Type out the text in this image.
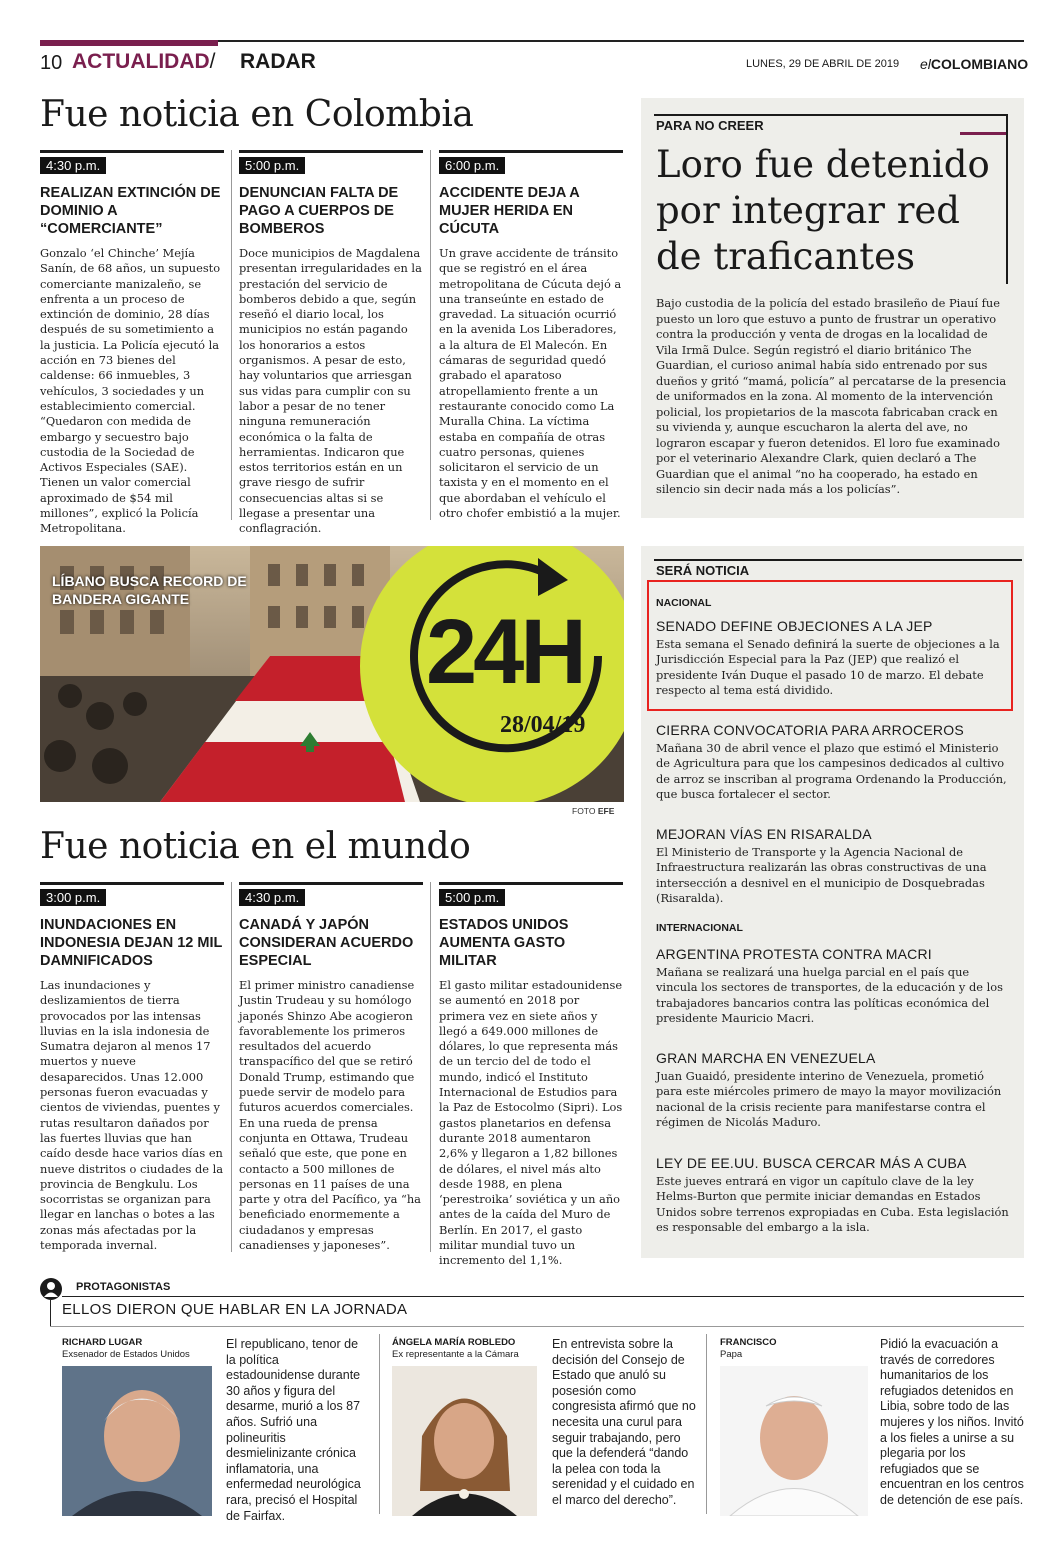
10 ACTUALIDAD/ RADAR	LUNES, 29 DE ABRIL DE 2019 elCOLOMBIANO
Fue noticia en Colombia
4:30 p.m.
REALIZAN EXTINCIÓN DE DOMINIO A “COMERCIANTE”

Gonzalo ‘el Chinche’ Mejía Sanín, de 68 años, un supuesto comerciante manizaleño, se enfrenta a un proceso de extinción de dominio, 28 días después de su sometimiento a la justicia. La Policía ejecutó la acción en 73 bienes del caldense: 66 inmuebles, 3 vehículos, 3 sociedades y un establecimiento comercial. “Quedaron con medida de embargo y secuestro bajo custodia de la Sociedad de Activos Especiales (SAE). Tienen un valor comercial aproximado de $54 mil millones”, explicó la Policía Metropolitana.

5:00 p.m.
DENUNCIAN FALTA DE PAGO A CUERPOS DE BOMBEROS

Doce municipios de Magdalena presentan irregularidades en la prestación del servicio de bomberos debido a que, según reseñó el diario local, los municipios no están pagando los honorarios a estos organismos. A pesar de esto, hay voluntarios que arriesgan sus vidas para cumplir con su labor a pesar de no tener ninguna remuneración económica o la falta de herramientas. Indicaron que estos territorios están en un grave riesgo de sufrir consecuencias altas si se llegase a presentar una conflagración.

6:00 p.m.
ACCIDENTE DEJA A MUJER HERIDA EN CÚCUTA

Un grave accidente de tránsito que se registró en el área metropolitana de Cúcuta dejó a una transeúnte en estado de gravedad. La situación ocurrió en la avenida Los Liberadores, a la altura de El Malecón. En cámaras de seguridad quedó grabado el aparatoso atropellamiento frente a un restaurante conocido como La Muralla China. La víctima estaba en compañía de otras cuatro personas, quienes solicitaron el servicio de un taxista y en el momento en el que abordaban el vehículo el otro chofer embistió a la mujer.

PARA NO CREER
Loro fue detenido por integrar red de traficantes
Bajo custodia de la policía del estado brasileño de Piauí fue puesto un loro que estuvo a punto de frustrar un operativo contra la producción y venta de drogas en la localidad de Vila Irmã Dulce. Según registró el diario británico The Guardian, el curioso animal había sido entrenado por sus dueños y gritó “mamá, policía” al percatarse de la presencia de uniformados en la zona. Al momento de la intervención policial, los propietarios de la mascota fabricaban crack en su vivienda y, aunque escucharon la alerta del ave, no lograron escapar y fueron detenidos. El loro fue examinado por el veterinario Alexandre Clark, quien declaró a The Guardian que el animal “no ha cooperado, ha estado en silencio sin decir nada más a los policías”.
LÍBANO BUSCA RECORD DE BANDERA GIGANTE
24H
28/04/19
FOTO EFE
Fue noticia en el mundo
3:00 p.m.
INUNDACIONES EN INDONESIA DEJAN 12 MIL DAMNIFICADOS

Las inundaciones y deslizamientos de tierra provocados por las intensas lluvias en la isla indonesia de Sumatra dejaron al menos 17 muertos y nueve desaparecidos. Unas 12.000 personas fueron evacuadas y cientos de viviendas, puentes y rutas resultaron dañados por las fuertes lluvias que han caído desde hace varios días en nueve distritos o ciudades de la provincia de Bengkulu. Los socorristas se organizan para llegar en lanchas o botes a las zonas más afectadas por la temporada invernal.

4:30 p.m.
CANADÁ Y JAPÓN CONSIDERAN ACUERDO ESPECIAL

El primer ministro canadiense Justin Trudeau y su homólogo japonés Shinzo Abe acogieron favorablemente los primeros resultados del acuerdo transpacífico del que se retiró Donald Trump, estimando que puede servir de modelo para futuros acuerdos comerciales. En una rueda de prensa conjunta en Ottawa, Trudeau señaló que este, que pone en contacto a 500 millones de personas en 11 países de una parte y otra del Pacífico, ya “ha beneficiado enormemente a ciudadanos y empresas canadienses y japoneses”.

5:00 p.m.
ESTADOS UNIDOS AUMENTA GASTO MILITAR

El gasto militar estadounidense se aumentó en 2018 por primera vez en siete años y llegó a 649.000 millones de dólares, lo que representa más de un tercio del de todo el mundo, indicó el Instituto Internacional de Estudios para la Paz de Estocolmo (Sipri). Los gastos planetarios en defensa durante 2018 aumentaron 2,6% y llegaron a 1,82 billones de dólares, el nivel más alto desde 1988, en plena ‘perestroika’ soviética y un año antes de la caída del Muro de Berlín. En 2017, el gasto militar mundial tuvo un incremento del 1,1%.

SERÁ NOTICIA
NACIONAL
SENADO DEFINE OBJECIONES A LA JEP
Esta semana el Senado definirá la suerte de objeciones a la Jurisdicción Especial para la Paz (JEP) que realizó el presidente Iván Duque el pasado 10 de marzo. El debate respecto al tema está dividido.
CIERRA CONVOCATORIA PARA ARROCEROS
Mañana 30 de abril vence el plazo que estimó el Ministerio de Agricultura para que los campesinos dedicados al cultivo de arroz se inscriban al programa Ordenando la Producción, que busca fortalecer el sector.
MEJORAN VÍAS EN RISARALDA
El Ministerio de Transporte y la Agencia Nacional de Infraestructura realizarán las obras constructivas de una intersección a desnivel en el municipio de Dosquebradas (Risaralda).
INTERNACIONAL
ARGENTINA PROTESTA CONTRA MACRI
Mañana se realizará una huelga parcial en el país que vincula los sectores de transportes, de la educación y de los trabajadores bancarios contra las políticas económica del presidente Mauricio Macri.
GRAN MARCHA EN VENEZUELA
Juan Guaidó, presidente interino de Venezuela, prometió para este miércoles primero de mayo la mayor movilización nacional de la crisis reciente para manifestarse contra el régimen de Nicolás Maduro.
LEY DE EE.UU. BUSCA CERCAR MÁS A CUBA
Este jueves entrará en vigor un capítulo clave de la ley Helms-Burton que permite iniciar demandas en Estados Unidos sobre terrenos expropiadas en Cuba. Esta legislación es responsable del embargo a la isla.
PROTAGONISTAS
ELLOS DIERON QUE HABLAR EN LA JORNADA
RICHARD LUGAR
Exsenador de Estados Unidos
El republicano, tenor de la política estadounidense durante 30 años y figura del desarme, murió a los 87 años. Sufrió una polineuritis desmielinizante crónica inflamatoria, una enfermedad neurológica rara, precisó el Hospital de Fairfax.
ÁNGELA MARÍA ROBLEDO
Ex representante a la Cámara
En entrevista sobre la decisión del Consejo de Estado que anuló su posesión como congresista afirmó que no necesita una curul para seguir trabajando, pero que la defenderá “dando la pelea con toda la serenidad y el cuidado en el marco del derecho”.
FRANCISCO
Papa
Pidió la evacuación a través de corredores humanitarios de los refugiados detenidos en Libia, sobre todo de las mujeres y los niños. Invitó a los fieles a unirse a su plegaria por los refugiados que se encuentran en los centros de detención de ese país.
